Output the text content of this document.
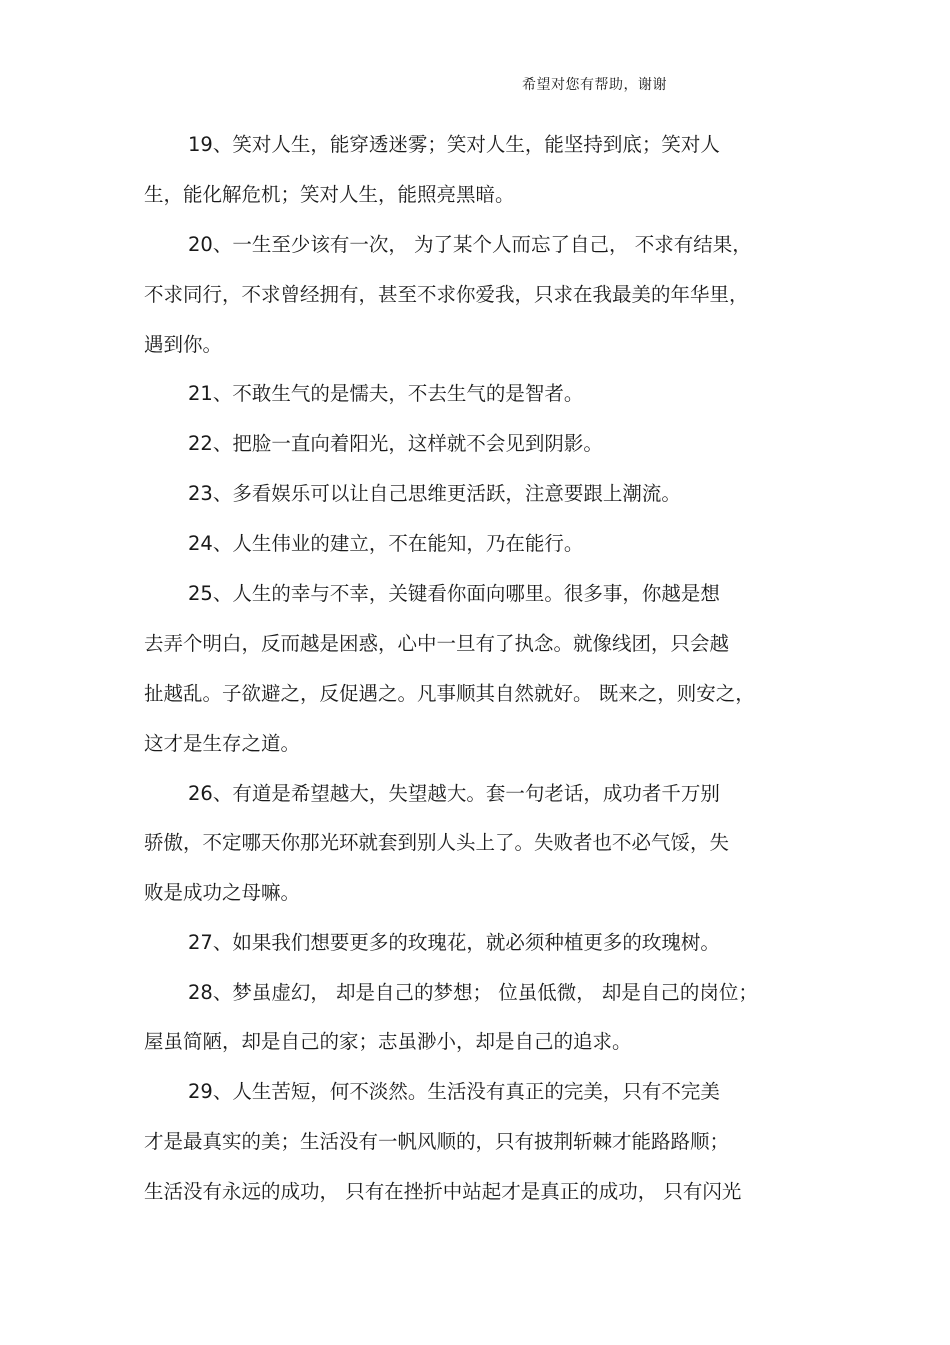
希望对您有帮助，谢谢
19、笑对人生，能穿透迷雾；笑对人生，能坚持到底；笑对人
生，能化解危机；笑对人生，能照亮黑暗。
20、一生至少该有一次， 为了某个人而忘了自己， 不求有结果，
不求同行，不求曾经拥有，甚至不求你爱我，只求在我最美的年华里，
遇到你。
21、不敢生气的是懦夫，不去生气的是智者。
22、把脸一直向着阳光，这样就不会见到阴影。
23、多看娱乐可以让自己思维更活跃，注意要跟上潮流。
24、人生伟业的建立，不在能知，乃在能行。
25、人生的幸与不幸，关键看你面向哪里。很多事，你越是想
去弄个明白，反而越是困惑，心中一旦有了执念。就像线团，只会越
扯越乱。子欲避之，反促遇之。凡事顺其自然就好。 既来之，则安之，
这才是生存之道。
26、有道是希望越大，失望越大。套一句老话，成功者千万别
骄傲，不定哪天你那光环就套到别人头上了。失败者也不必气馁，失
败是成功之母嘛。
27、如果我们想要更多的玫瑰花，就必须种植更多的玫瑰树。
28、梦虽虚幻， 却是自己的梦想； 位虽低微， 却是自己的岗位；
屋虽简陋，却是自己的家；志虽渺小，却是自己的追求。
29、人生苦短，何不淡然。生活没有真正的完美，只有不完美
才是最真实的美；生活没有一帆风顺的，只有披荆斩棘才能路路顺；
生活没有永远的成功， 只有在挫折中站起才是真正的成功， 只有闪光
